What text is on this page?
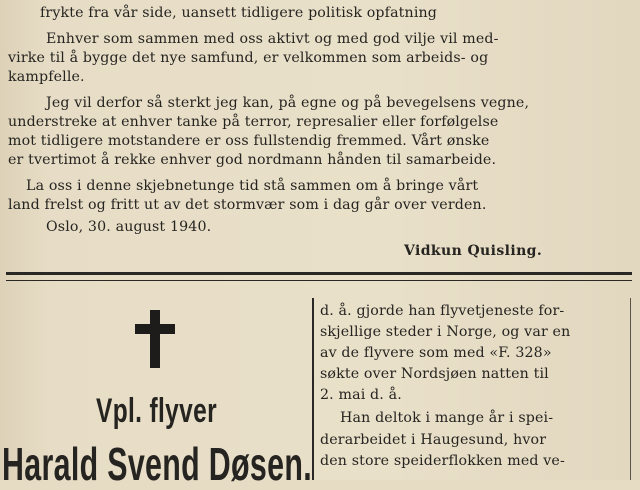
frykte fra vår side, uansett tidligere politisk opfatning
Enhver som sammen med oss aktivt og med god vilje vil med-
virke til å bygge det nye samfund, er velkommen som arbeids- og
kampfelle.
Jeg vil derfor så sterkt jeg kan, på egne og på bevegelsens vegne,
understreke at enhver tanke på terror, represalier eller forfølgelse
mot tidligere motstandere er oss fullstendig fremmed. Vårt ønske
er tvertimot å rekke enhver god nordmann hånden til samarbeide.
La oss i denne skjebnetunge tid stå sammen om å bringe vårt
land frelst og fritt ut av det stormvær som i dag går over verden.
Oslo, 30. august 1940.
Vidkun Quisling.
Vpl. flyver
Harald Svend Døsen.
d. å. gjorde han flyvetjeneste for-
skjellige steder i Norge, og var en
av de flyvere som med «F. 328»
søkte over Nordsjøen natten til
2. mai d. å.
Han deltok i mange år i spei-
derarbeidet i Haugesund, hvor
den store speiderflokken med ve-
